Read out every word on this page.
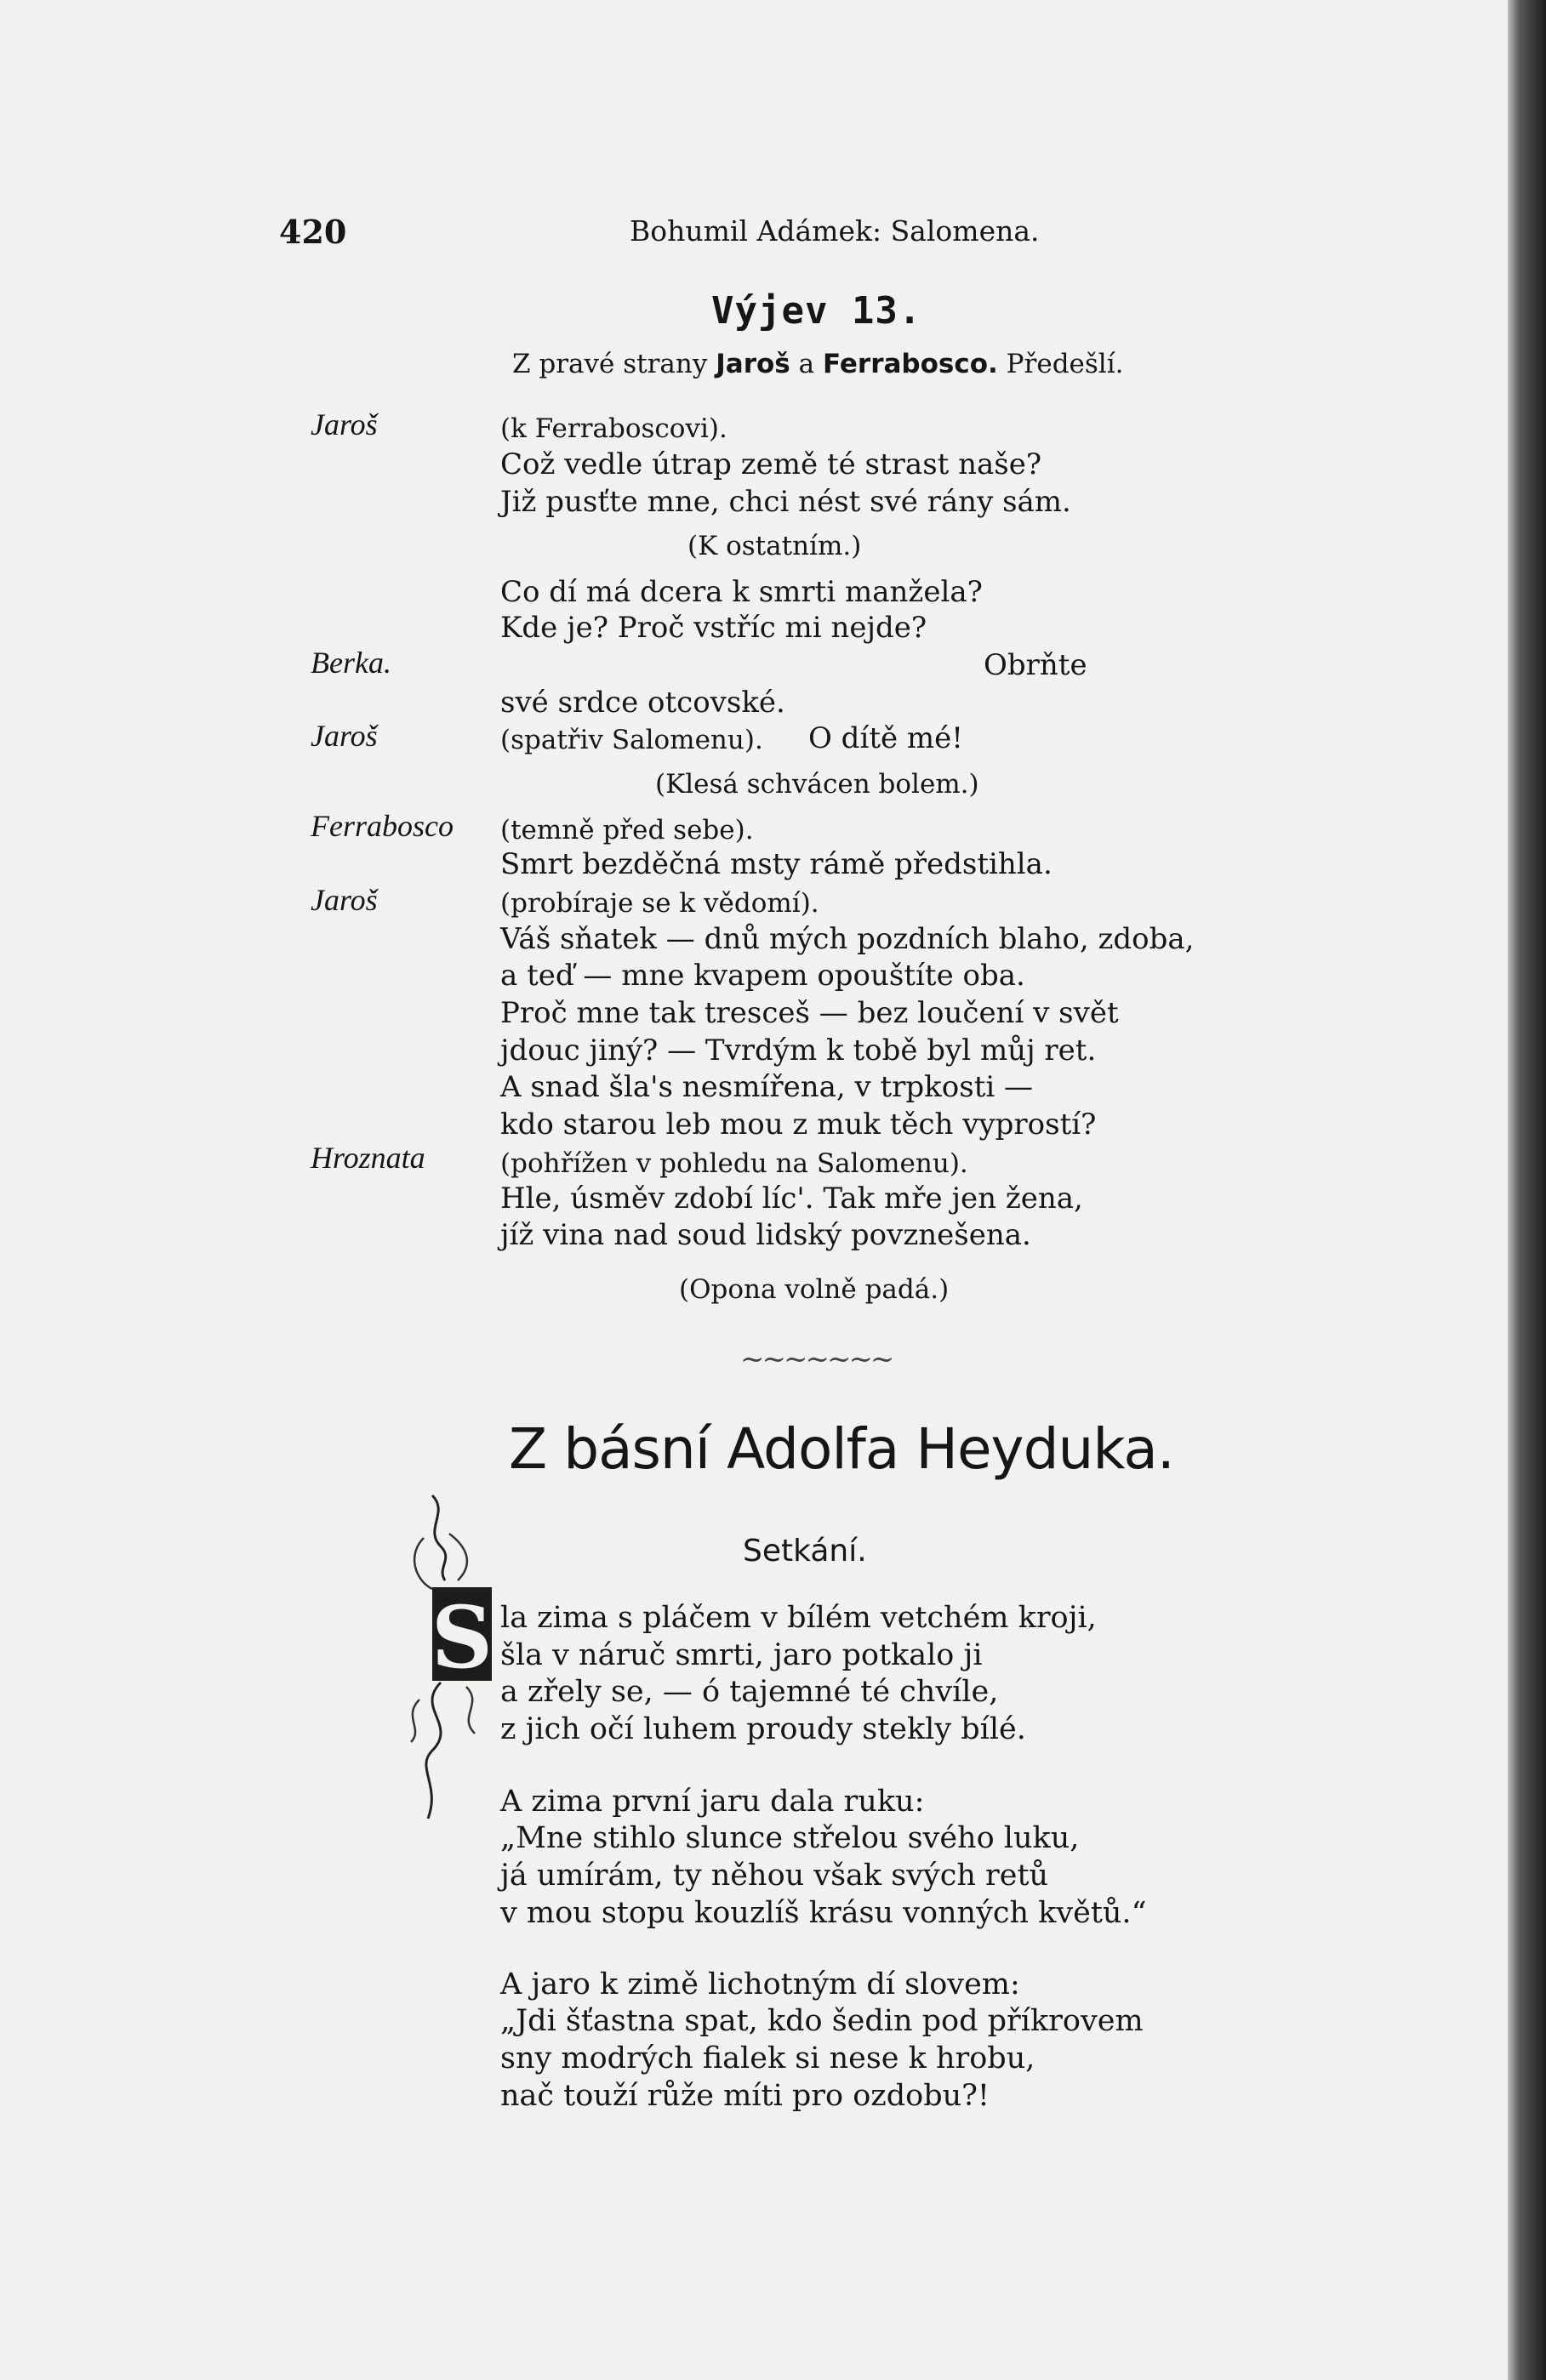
420	Bohumil Adámek: Salomena.
Výjev 13.
Z pravé strany Jaroš a Ferrabosco. Předešlí.
Jaroš
Berka.
Jaroš
Ferrabosco
Jaroš
Hroznata
(k Ferraboscovi).
Což vedle útrap země té strast naše?
Již pusťte mne, chci nést své rány sám.
(K ostatním.)
Co dí má dcera k smrti manžela?
Kde je? Proč vstříc mi nejde?
Obrňte
své srdce otcovské.
(spatřiv Salomenu). O dítě mé!
(Klesá schvácen bolem.)
(temně před sebe).
Smrt bezděčná msty rámě předstihla.
(probíraje se k vědomí).
Váš sňatek — dnů mých pozdních blaho, zdoba,
a teď — mne kvapem opouštíte oba.
Proč mne tak tresceš — bez loučení v svět
jdouc jiný? — Tvrdým k tobě byl můj ret.
A snad šla's nesmířena, v trpkosti —
kdo starou leb mou z muk těch vyprostí?
(pohřížen v pohledu na Salomenu).
Hle, úsměv zdobí líc'. Tak mře jen žena,
jíž vina nad soud lidský povznešena.
(Opona volně padá.)
~~~~~~~
Z básní Adolfa Heyduka.
Setkání.
S la zima s pláčem v bílém vetchém kroji,
šla v náruč smrti, jaro potkalo ji
a zřely se, — ó tajemné té chvíle,
z jich očí luhem proudy stekly bílé.
A zima první jaru dala ruku:
„Mne stihlo slunce střelou svého luku,
já umírám, ty něhou však svých retů
v mou stopu kouzlíš krásu vonných květů.“
A jaro k zimě lichotným dí slovem:
„Jdi šťastna spat, kdo šedin pod příkrovem
sny modrých fialek si nese k hrobu,
nač touží růže míti pro ozdobu?!
